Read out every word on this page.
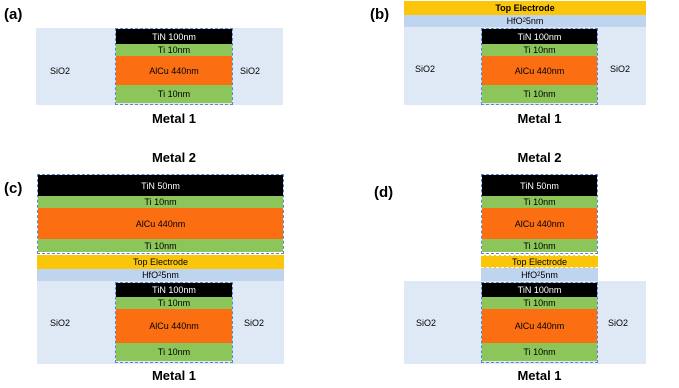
(a)
SiO2	SiO2
TiN 100nm
Ti 10nm
AlCu 440nm
Ti 10nm
Metal 1
(b)	Top Electrode
HfO 2 5nm
SiO2	SiO2
TiN 100nm
Ti 10nm
AlCu 440nm
Ti 10nm
Metal 1
Metal 2
(c)	TiN 50nm
Ti 10nm
AlCu 440nm
Ti 10nm
Top Electrode
HfO 2 5nm
SiO2	SiO2
TiN 100nm
Ti 10nm
AlCu 440nm
Ti 10nm
Metal 1
Metal 2
(d)	TiN 50nm
Ti 10nm
AlCu 440nm
Ti 10nm
Top Electrode
HfO 2 5nm
SiO2	SiO2
TiN 100nm
Ti 10nm
AlCu 440nm
Ti 10nm
Metal 1
